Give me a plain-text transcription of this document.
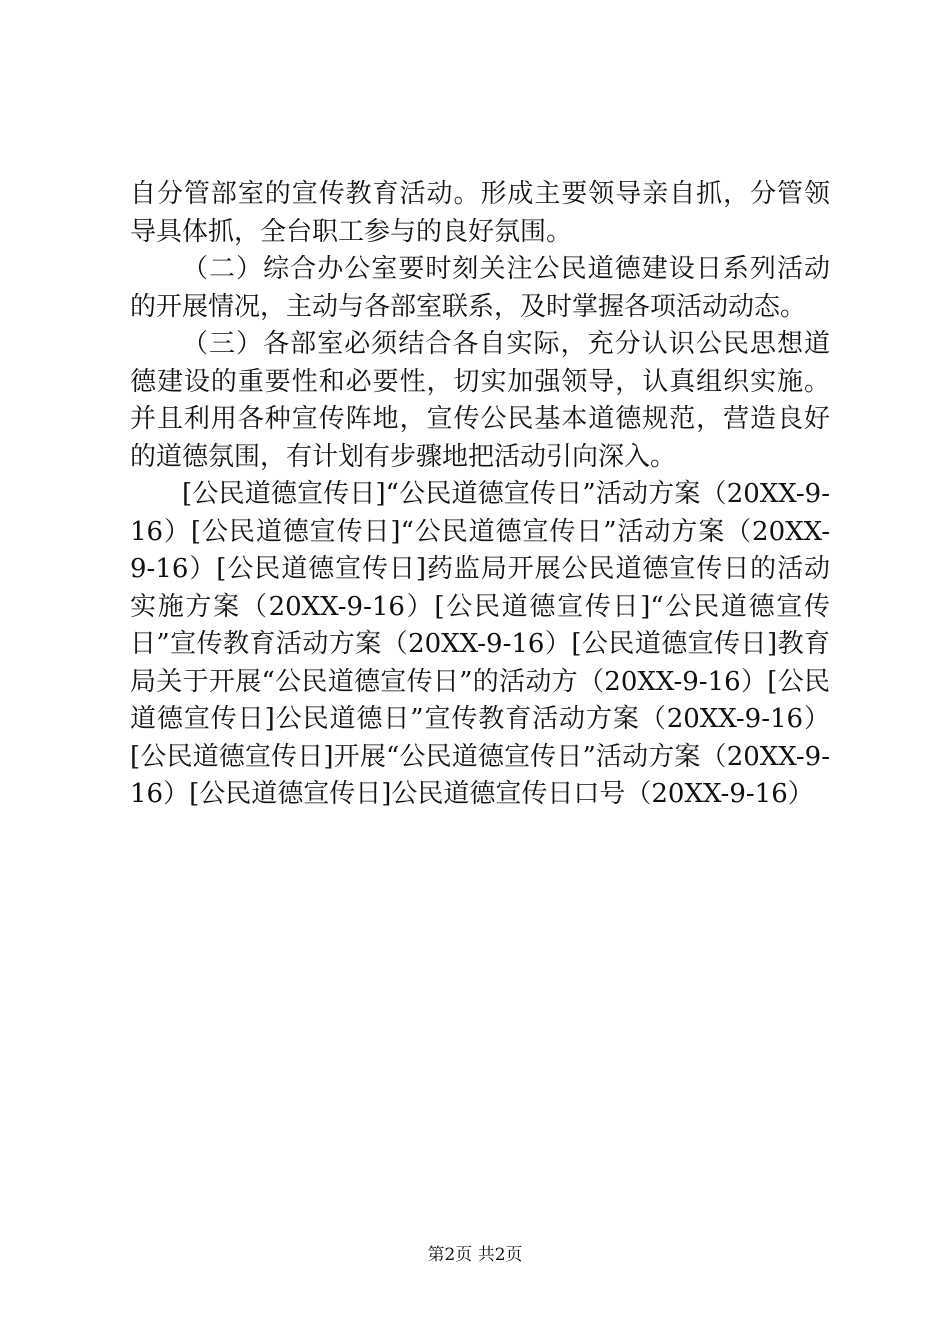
自分管部室的宣传教育活动。形成主要领导亲自抓，分管领导具体抓，全台职工参与的良好氛围。

（二）综合办公室要时刻关注公民道德建设日系列活动的开展情况，主动与各部室联系，及时掌握各项活动动态。

（三）各部室必须结合各自实际，充分认识公民思想道德建设的重要性和必要性，切实加强领导，认真组织实施。并且利用各种宣传阵地，宣传公民基本道德规范，营造良好的道德氛围，有计划有步骤地把活动引向深入。

[公民道德宣传日]“公民道德宣传日”活动方案（20XX-9-16）[公民道德宣传日]“公民道德宣传日”活动方案（20XX-9-16）[公民道德宣传日]药监局开展公民道德宣传日的活动实施方案（20XX-9-16）[公民道德宣传日]“公民道德宣传日”宣传教育活动方案（20XX-9-16）[公民道德宣传日]教育局关于开展“公民道德宣传日”的活动方（20XX-9-16）[公民道德宣传日]公民道德日”宣传教育活动方案（20XX-9-16）[公民道德宣传日]开展“公民道德宣传日”活动方案（20XX-9-16）[公民道德宣传日]公民道德宣传日口号（20XX-9-16）

第2页 共2页
